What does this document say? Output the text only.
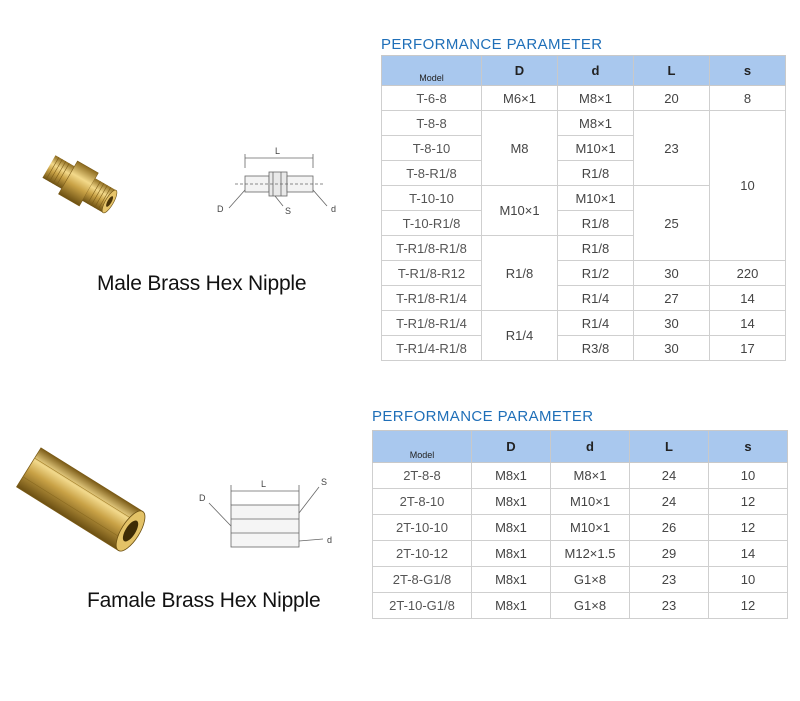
L
D	S	d
Male Brass Hex Nipple
PERFORMANCE PARAMETER
Model	D	d	L	s
T-6-8	M6×1	M8×1	20	8
T-8-8	M8	M8×1	23	10
T-8-10		M10×1		
T-8-R1/8		R1/8		
T-10-10	M10×1	M10×1	25	
T-10-R1/8		R1/8		
T-R1/8-R1/8	R1/8	R1/8		
T-R1/8-R12		R1/2	30	220
T-R1/8-R1/4		R1/4	27	14
T-R1/8-R1/4	R1/4	R1/4	30	14
T-R1/4-R1/8		R3/8	30	17
L
D
S
d
Famale Brass Hex Nipple
PERFORMANCE PARAMETER
Model	D	d	L	s
2T-8-8	M8x1	M8×1	24	10
2T-8-10	M8x1	M10×1	24	12
2T-10-10	M8x1	M10×1	26	12
2T-10-12	M8x1	M12×1.5	29	14
2T-8-G1/8	M8x1	G1×8	23	10
2T-10-G1/8	M8x1	G1×8	23	12
